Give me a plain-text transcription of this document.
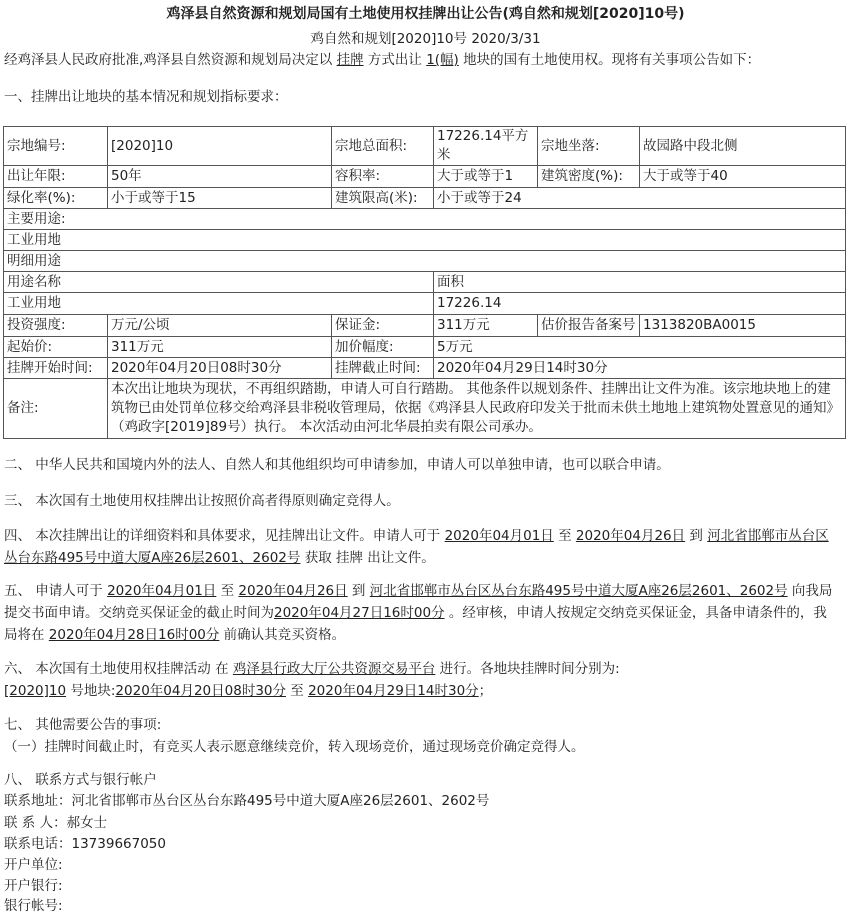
鸡泽县自然资源和规划局国有土地使用权挂牌出让公告(鸡自然和规划[2020]10号)
鸡自然和规划[2020]10号 2020/3/31
经鸡泽县人民政府批准,鸡泽县自然资源和规划局决定以 挂牌 方式出让 1(幅) 地块的国有土地使用权。现将有关事项公告如下：
一、挂牌出让地块的基本情况和规划指标要求：
宗地编号:	[2020]10	宗地总面积:	17226.14平方米	宗地坐落:	故园路中段北侧
出让年限:	50年	容积率:	大于或等于1	建筑密度(%):	大于或等于40
绿化率(%):	小于或等于15	建筑限高(米):	小于或等于24		
主要用途:					
工业用地					
明细用途					
用途名称			面积		
工业用地			17226.14		
投资强度:	万元/公顷	保证金:	311万元	估价报告备案号	1313820BA0015
起始价:	311万元	加价幅度:	5万元		
挂牌开始时间:	2020年04月20日08时30分	挂牌截止时间:	2020年04月29日14时30分		
备注:	本次出让地块为现状，不再组织踏勘，申请人可自行踏勘。 其他条件以规划条件、挂牌出让文件为准。该宗地块地上的建筑物已由处罚单位移交给鸡泽县非税收管理局，依据《鸡泽县人民政府印发关于批而未供土地地上建筑物处置意见的通知》（鸡政字[2019]89号）执行。 本次活动由河北华晨拍卖有限公司承办。				
二、 中华人民共和国境内外的法人、自然人和其他组织均可申请参加，申请人可以单独申请，也可以联合申请。
三、 本次国有土地使用权挂牌出让按照价高者得原则确定竞得人。
四、 本次挂牌出让的详细资料和具体要求，见挂牌出让文件。申请人可于 2020年04月01日 至 2020年04月26日 到 河北省邯郸市丛台区
丛台东路495号中道大厦A座26层2601、2602号 获取 挂牌 出让文件。
五、 申请人可于 2020年04月01日 至 2020年04月26日 到 河北省邯郸市丛台区丛台东路495号中道大厦A座26层2601、2602号 向我局
提交书面申请。交纳竞买保证金的截止时间为2020年04月27日16时00分 。经审核，申请人按规定交纳竞买保证金，具备申请条件的，我
局将在 2020年04月28日16时00分 前确认其竞买资格。
六、 本次国有土地使用权挂牌活动 在 鸡泽县行政大厅公共资源交易平台 进行。各地块挂牌时间分别为:
[2020]10 号地块:2020年04月20日08时30分 至 2020年04月29日14时30分；
七、 其他需要公告的事项:
（一）挂牌时间截止时，有竞买人表示愿意继续竞价，转入现场竞价，通过现场竞价确定竞得人。
八、 联系方式与银行帐户
联系地址：河北省邯郸市丛台区丛台东路495号中道大厦A座26层2601、2602号
联 系 人：郝女士
联系电话：13739667050
开户单位:
开户银行:
银行帐号:
